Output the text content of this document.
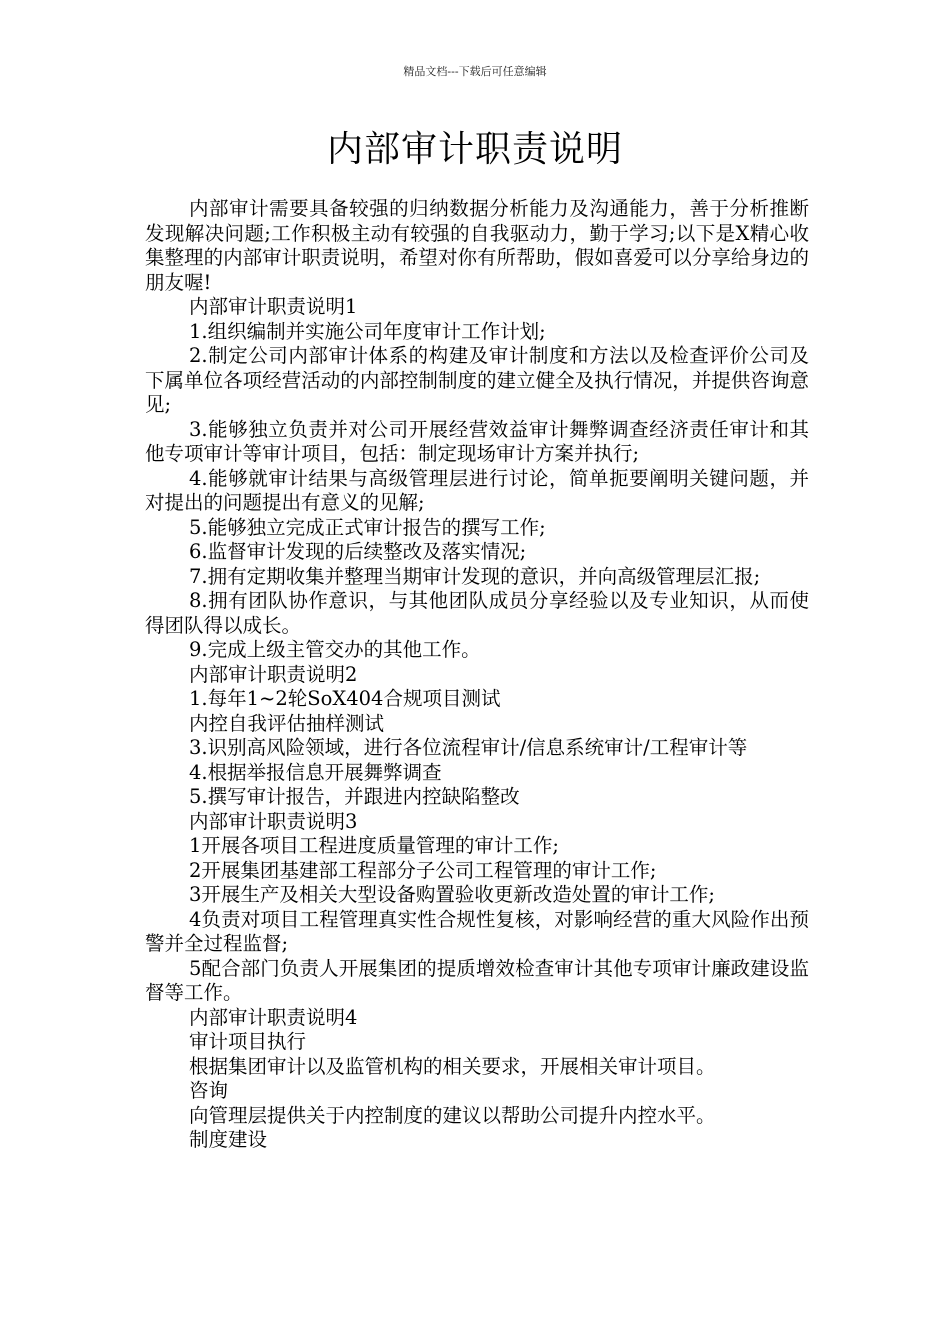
精品文档---下载后可任意编辑
内部审计职责说明

内部审计需要具备较强的归纳数据分析能力及沟通能力，善于分析推断发现解决问题;工作积极主动有较强的自我驱动力，勤于学习;以下是X精心收集整理的内部审计职责说明，希望对你有所帮助，假如喜爱可以分享给身边的朋友喔!

内部审计职责说明1

1.组织编制并实施公司年度审计工作计划;

2.制定公司内部审计体系的构建及审计制度和方法以及检查评价公司及下属单位各项经营活动的内部控制制度的建立健全及执行情况，并提供咨询意见;

3.能够独立负责并对公司开展经营效益审计舞弊调查经济责任审计和其他专项审计等审计项目，包括：制定现场审计方案并执行;

4.能够就审计结果与高级管理层进行讨论，简单扼要阐明关键问题，并对提出的问题提出有意义的见解;

5.能够独立完成正式审计报告的撰写工作;

6.监督审计发现的后续整改及落实情况;

7.拥有定期收集并整理当期审计发现的意识，并向高级管理层汇报;

8.拥有团队协作意识，与其他团队成员分享经验以及专业知识，从而使得团队得以成长。

9.完成上级主管交办的其他工作。

内部审计职责说明2

1.每年1~2轮SoX404合规项目测试

内控自我评估抽样测试

3.识别高风险领域，进行各位流程审计/信息系统审计/工程审计等

4.根据举报信息开展舞弊调查

5.撰写审计报告，并跟进内控缺陷整改

内部审计职责说明3

1开展各项目工程进度质量管理的审计工作;

2开展集团基建部工程部分子公司工程管理的审计工作;

3开展生产及相关大型设备购置验收更新改造处置的审计工作;

4负责对项目工程管理真实性合规性复核，对影响经营的重大风险作出预警并全过程监督;

5配合部门负责人开展集团的提质增效检查审计其他专项审计廉政建设监督等工作。

内部审计职责说明4

审计项目执行

根据集团审计以及监管机构的相关要求，开展相关审计项目。

咨询

向管理层提供关于内控制度的建议以帮助公司提升内控水平。

制度建设
